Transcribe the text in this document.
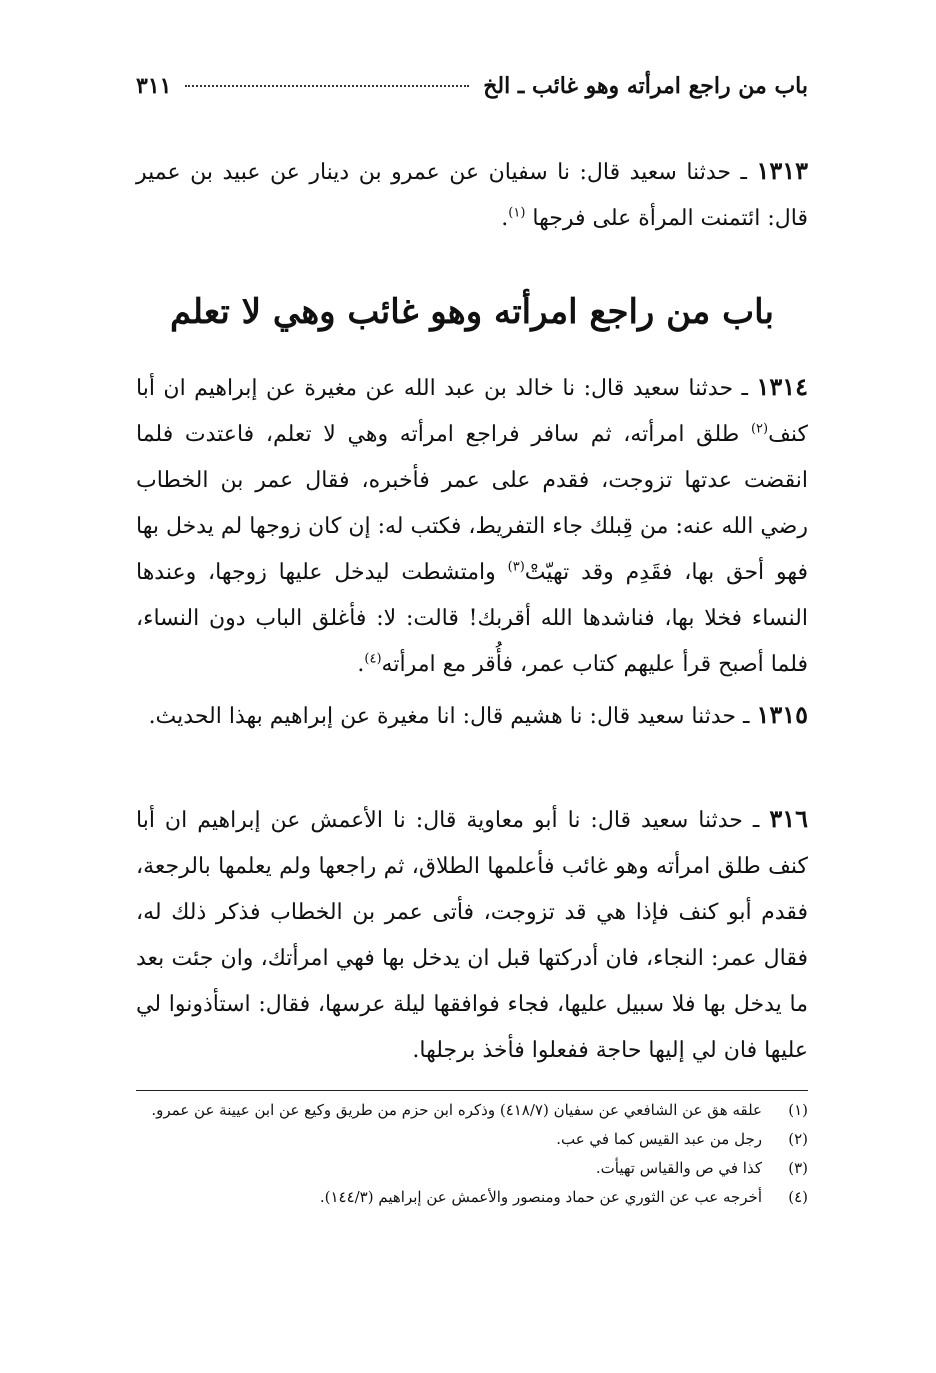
باب من راجع امرأته وهو غائب ـ الخ
٣١١

١٣١٣ ـ حدثنا سعيد قال: نا سفيان عن عمرو بن دينار عن عبيد بن عمير قال: ائتمنت المرأة على فرجها $^{(١)}$.

باب من راجع امرأته وهو غائب وهي لا تعلم

١٣١٤ ـ حدثنا سعيد قال: نا خالد بن عبد الله عن مغيرة عن إبراهيم ان أبا كنف$^{(٢)}$ طلق امرأته، ثم سافر فراجع امرأته وهي لا تعلم، فاعتدت فلما انقضت عدتها تزوجت، فقدم على عمر فأخبره، فقال عمر بن الخطاب رضي الله عنه: من قِبلك جاء التفريط، فكتب له: إن كان زوجها لم يدخل بها فهو أحق بها، فقَدِم وقد تهيّتْ$^{(٣)}$ وامتشطت ليدخل عليها زوجها، وعندها النساء فخلا بها، فناشدها الله أقربك! قالت: لا: فأغلق الباب دون النساء، فلما أصبح قرأ عليهم كتاب عمر، فأُقر مع امرأته$^{(٤)}$.

١٣١٥ ـ حدثنا سعيد قال: نا هشيم قال: انا مغيرة عن إبراهيم بهذا الحديث.

٣١٦ ـ حدثنا سعيد قال: نا أبو معاوية قال: نا الأعمش عن إبراهيم ان أبا كنف طلق امرأته وهو غائب فأعلمها الطلاق، ثم راجعها ولم يعلمها بالرجعة، فقدم أبو كنف فإذا هي قد تزوجت، فأتى عمر بن الخطاب فذكر ذلك له، فقال عمر: النجاء، فان أدركتها قبل ان يدخل بها فهي امرأتك، وان جئت بعد ما يدخل بها فلا سبيل عليها، فجاء فوافقها ليلة عرسها، فقال: استأذونوا لي عليها فان لي إليها حاجة ففعلوا فأخذ برجلها.

(١)
علقه هق عن الشافعي عن سفيان (٤١٨/٧) وذكره ابن حزم من طريق وكيع عن ابن عيينة عن عمرو.
(٢)
رجل من عبد القيس كما في عب.
(٣)
كذا في ص والقياس تهيأت.
(٤)
أخرجه عب عن الثوري عن حماد ومنصور والأعمش عن إبراهيم (١٤٤/٣).
